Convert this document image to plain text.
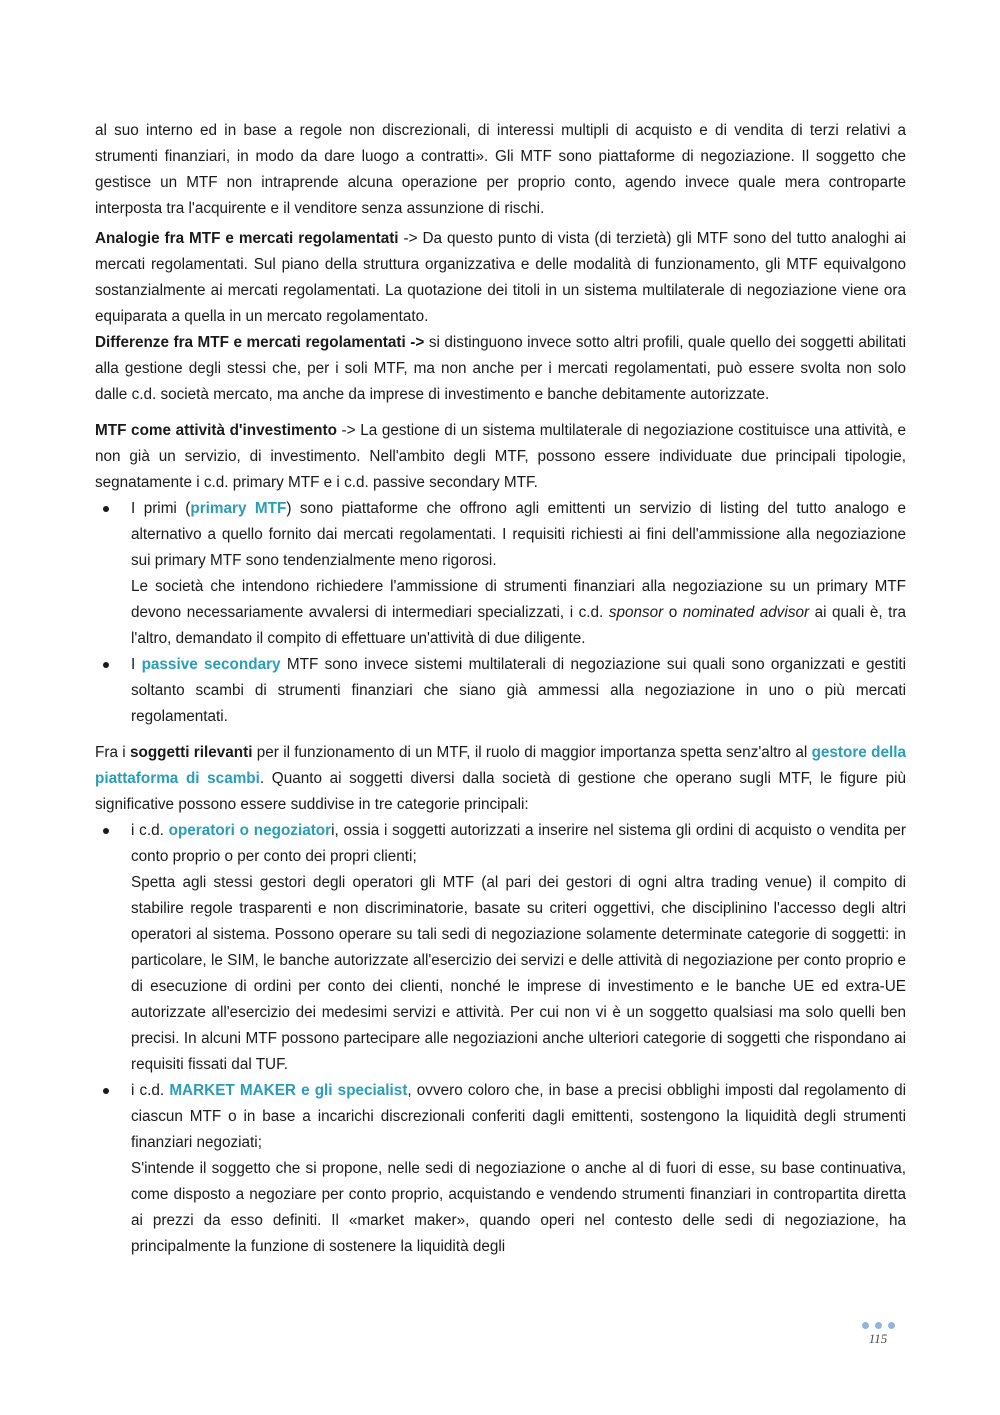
al suo interno ed in base a regole non discrezionali, di interessi multipli di acquisto e di vendita di terzi relativi a strumenti finanziari, in modo da dare luogo a contratti». Gli MTF sono piattaforme di negoziazione. Il soggetto che gestisce un MTF non intraprende alcuna operazione per proprio conto, agendo invece quale mera controparte interposta tra l'acquirente e il venditore senza assunzione di rischi.

Analogie fra MTF e mercati regolamentati -> Da questo punto di vista (di terzietà) gli MTF sono del tutto analoghi ai mercati regolamentati. Sul piano della struttura organizzativa e delle modalità di funzionamento, gli MTF equivalgono sostanzialmente ai mercati regolamentati. La quotazione dei titoli in un sistema multilaterale di negoziazione viene ora equiparata a quella in un mercato regolamentato.

Differenze fra MTF e mercati regolamentati -> si distinguono invece sotto altri profili, quale quello dei soggetti abilitati alla gestione degli stessi che, per i soli MTF, ma non anche per i mercati regolamentati, può essere svolta non solo dalle c.d. società mercato, ma anche da imprese di investimento e banche debitamente autorizzate.

MTF come attività d'investimento -> La gestione di un sistema multilaterale di negoziazione costituisce una attività, e non già un servizio, di investimento. Nell'ambito degli MTF, possono essere individuate due principali tipologie, segnatamente i c.d. primary MTF e i c.d. passive secondary MTF.

I primi (primary MTF) sono piattaforme che offrono agli emittenti un servizio di listing del tutto analogo e alternativo a quello fornito dai mercati regolamentati. I requisiti richiesti ai fini dell'ammissione alla negoziazione sui primary MTF sono tendenzialmente meno rigorosi.

Le società che intendono richiedere l'ammissione di strumenti finanziari alla negoziazione su un primary MTF devono necessariamente avvalersi di intermediari specializzati, i c.d. sponsor o nominated advisor ai quali è, tra l'altro, demandato il compito di effettuare un'attività di due diligente.

I passive secondary MTF sono invece sistemi multilaterali di negoziazione sui quali sono organizzati e gestiti soltanto scambi di strumenti finanziari che siano già ammessi alla negoziazione in uno o più mercati regolamentati.

Fra i soggetti rilevanti per il funzionamento di un MTF, il ruolo di maggior importanza spetta senz'altro al gestore della piattaforma di scambi. Quanto ai soggetti diversi dalla società di gestione che operano sugli MTF, le figure più significative possono essere suddivise in tre categorie principali:

i c.d. operatori o negoziatori, ossia i soggetti autorizzati a inserire nel sistema gli ordini di acquisto o vendita per conto proprio o per conto dei propri clienti;

Spetta agli stessi gestori degli operatori gli MTF (al pari dei gestori di ogni altra trading venue) il compito di stabilire regole trasparenti e non discriminatorie, basate su criteri oggettivi, che disciplinino l'accesso degli altri operatori al sistema. Possono operare su tali sedi di negoziazione solamente determinate categorie di soggetti: in particolare, le SIM, le banche autorizzate all'esercizio dei servizi e delle attività di negoziazione per conto proprio e di esecuzione di ordini per conto dei clienti, nonché le imprese di investimento e le banche UE ed extra-UE autorizzate all'esercizio dei medesimi servizi e attività. Per cui non vi è un soggetto qualsiasi ma solo quelli ben precisi. In alcuni MTF possono partecipare alle negoziazioni anche ulteriori categorie di soggetti che rispondano ai requisiti fissati dal TUF.

i c.d. MARKET MAKER e gli specialist, ovvero coloro che, in base a precisi obblighi imposti dal regolamento di ciascun MTF o in base a incarichi discrezionali conferiti dagli emittenti, sostengono la liquidità degli strumenti finanziari negoziati;

S'intende il soggetto che si propone, nelle sedi di negoziazione o anche al di fuori di esse, su base continuativa, come disposto a negoziare per conto proprio, acquistando e vendendo strumenti finanziari in contropartita diretta ai prezzi da esso definiti. Il «market maker», quando operi nel contesto delle sedi di negoziazione, ha principalmente la funzione di sostenere la liquidità degli

115
